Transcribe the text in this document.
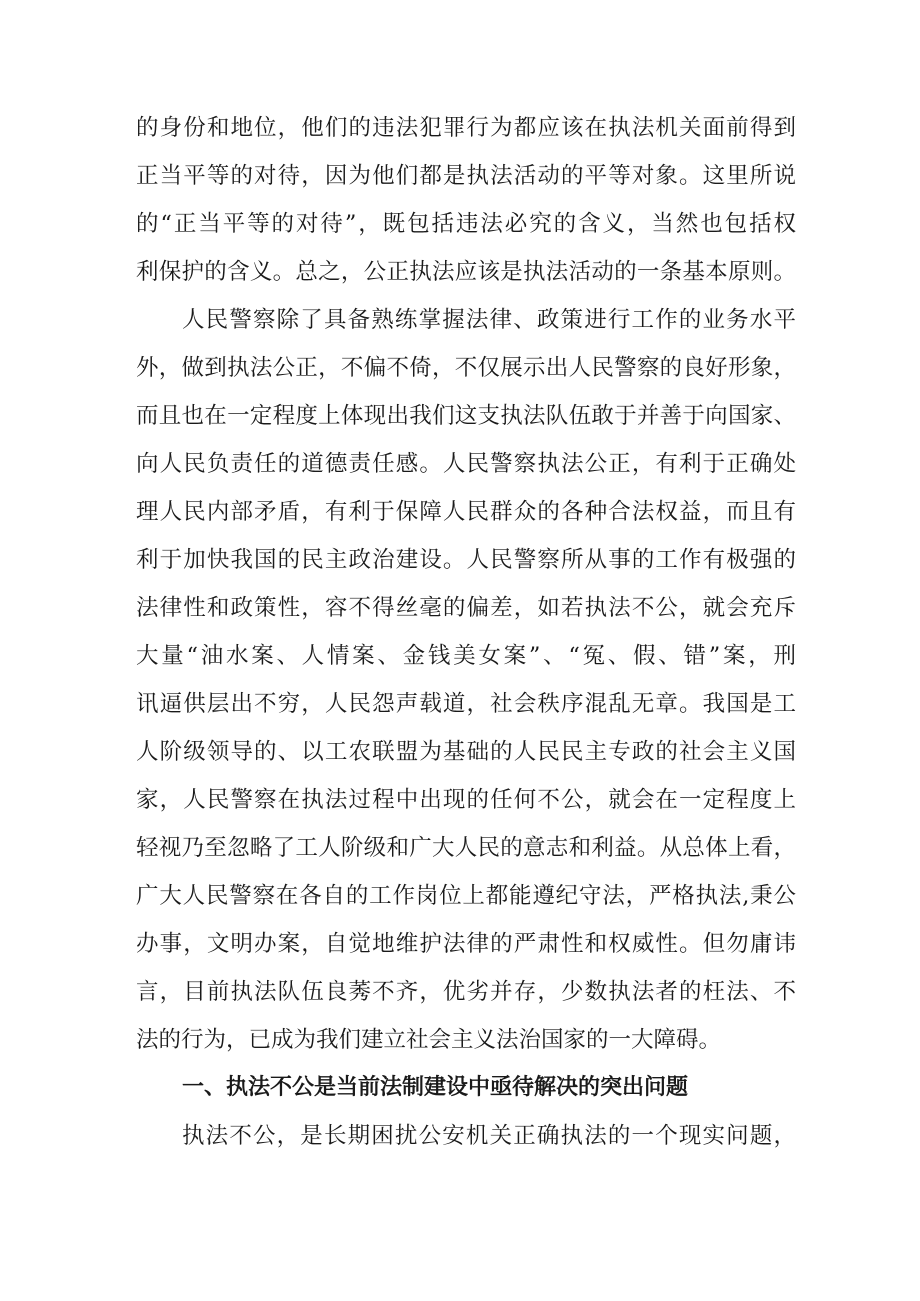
的身份和地位，他们的违法犯罪行为都应该在执法机关面前得到
正当平等的对待，因为他们都是执法活动的平等对象。这里所说
的“正当平等的对待”，既包括违法必究的含义，当然也包括权
利保护的含义。总之，公正执法应该是执法活动的一条基本原则。
人民警察除了具备熟练掌握法律、政策进行工作的业务水平
外，做到执法公正，不偏不倚，不仅展示出人民警察的良好形象，
而且也在一定程度上体现出我们这支执法队伍敢于并善于向国家、
向人民负责任的道德责任感。人民警察执法公正，有利于正确处
理人民内部矛盾，有利于保障人民群众的各种合法权益，而且有
利于加快我国的民主政治建设。人民警察所从事的工作有极强的
法律性和政策性，容不得丝毫的偏差，如若执法不公，就会充斥
大量“油水案、人情案、金钱美女案”、“冤、假、错”案，刑
讯逼供层出不穷，人民怨声载道，社会秩序混乱无章。我国是工
人阶级领导的、以工农联盟为基础的人民民主专政的社会主义国
家，人民警察在执法过程中出现的任何不公，就会在一定程度上
轻视乃至忽略了工人阶级和广大人民的意志和利益。从总体上看，
广大人民警察在各自的工作岗位上都能遵纪守法，严格执法,秉公
办事，文明办案，自觉地维护法律的严肃性和权威性。但勿庸讳
言，目前执法队伍良莠不齐，优劣并存，少数执法者的枉法、不
法的行为，已成为我们建立社会主义法治国家的一大障碍。
一、执法不公是当前法制建设中亟待解决的突出问题
执法不公，是长期困扰公安机关正确执法的一个现实问题，
